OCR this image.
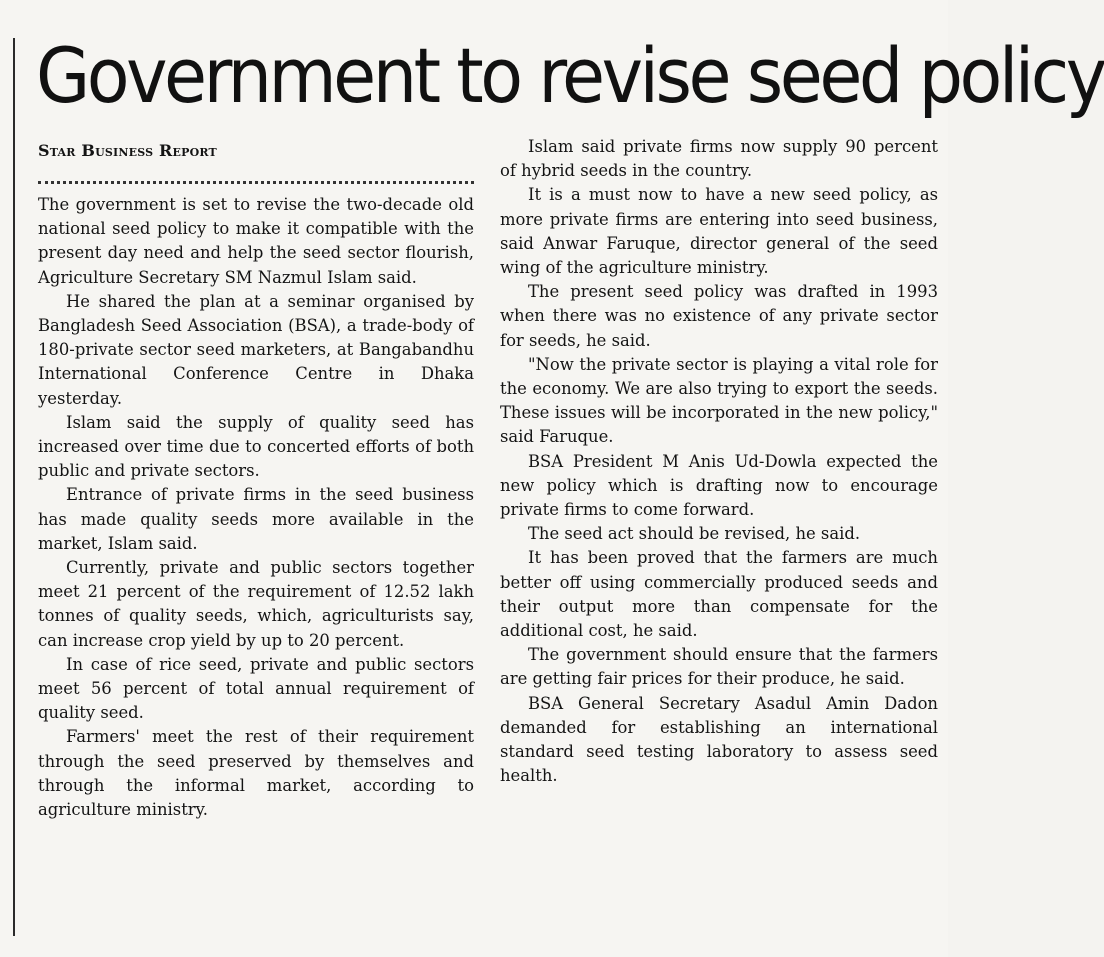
Government to revise seed policy
Star Business Report

The government is set to revise the two-decade old national seed policy to make it compatible with the present day need and help the seed sector flourish, Agriculture Secretary SM Nazmul Islam said.

He shared the plan at a seminar organised by Bangladesh Seed Association (BSA), a trade-body of 180-private sector seed marketers, at Bangabandhu International Conference Centre in Dhaka yesterday.

Islam said the supply of quality seed has increased over time due to concerted efforts of both public and private sectors.

Entrance of private firms in the seed business has made quality seeds more available in the market, Islam said.

Currently, private and public sectors together meet 21 percent of the requirement of 12.52 lakh tonnes of quality seeds, which, agriculturists say, can increase crop yield by up to 20 percent.

In case of rice seed, private and public sectors meet 56 percent of total annual requirement of quality seed.

Farmers' meet the rest of their requirement through the seed preserved by themselves and through the informal market, according to agriculture ministry.

Islam said private firms now supply 90 percent of hybrid seeds in the country.

It is a must now to have a new seed policy, as more private firms are entering into seed business, said Anwar Faruque, director general of the seed wing of the agriculture ministry.

The present seed policy was drafted in 1993 when there was no existence of any private sector for seeds, he said.

"Now the private sector is playing a vital role for the economy. We are also trying to export the seeds. These issues will be incorporated in the new policy," said Faruque.

BSA President M Anis Ud-Dowla expected the new policy which is drafting now to encourage private firms to come forward.

The seed act should be revised, he said.

It has been proved that the farmers are much better off using commercially produced seeds and their output more than compensate for the additional cost, he said.

The government should ensure that the farmers are getting fair prices for their produce, he said.

BSA General Secretary Asadul Amin Dadon demanded for establishing an international standard seed testing laboratory to assess seed health.
